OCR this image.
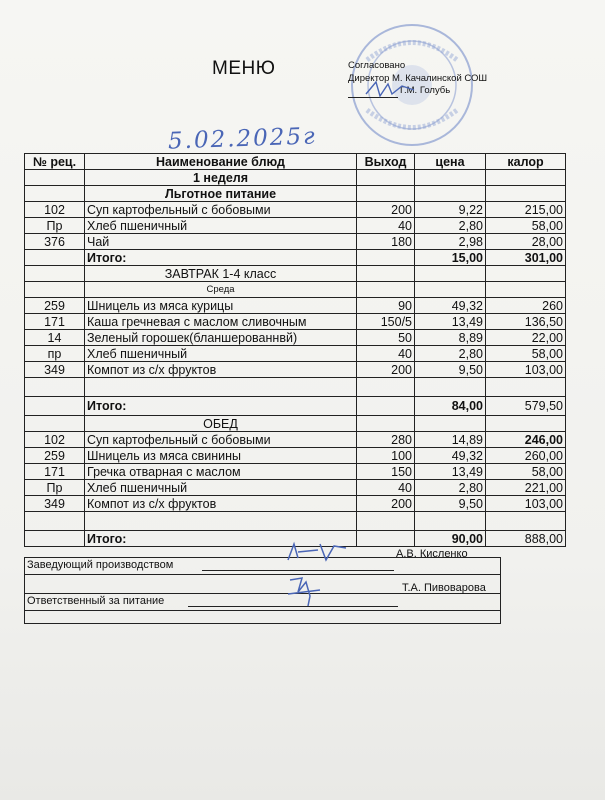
МЕНЮ	Согласовано
Директор М. Качалинской СОШ
Г.М. Голубь
5.02.2025г
№ рец.	Наименование блюд	Выход	цена	калор
	1 неделя			
	Льготное питание			
102	Суп картофельный с бобовыми	200	9,22	215,00
Пр	Хлеб пшеничный	40	2,80	58,00
376	Чай	180	2,98	28,00
	Итого:		15,00	301,00
	ЗАВТРАК 1-4 класс			
	Среда			
259	Шницель из мяса курицы	90	49,32	260
171	Каша гречневая с маслом сливочным	150/5	13,49	136,50
14	Зеленый горошек(бланшерованнвй)	50	8,89	22,00
пр	Хлеб пшеничный	40	2,80	58,00
349	Компот из с/х фруктов	200	9,50	103,00

	Итого:		84,00	579,50
	ОБЕД			
102	Суп картофельный с бобовыми	280	14,89	246,00
259	Шницель из мяса свинины	100	49,32	260,00
171	Гречка отварная с маслом	150	13,49	58,00
Пр	Хлеб пшеничный	40	2,80	221,00
349	Компот из с/х фруктов	200	9,50	103,00

	Итого:		90,00	888,00
Заведующий производством
А.В. Кисленко
Ответственный за питание
Т.А. Пивоварова
